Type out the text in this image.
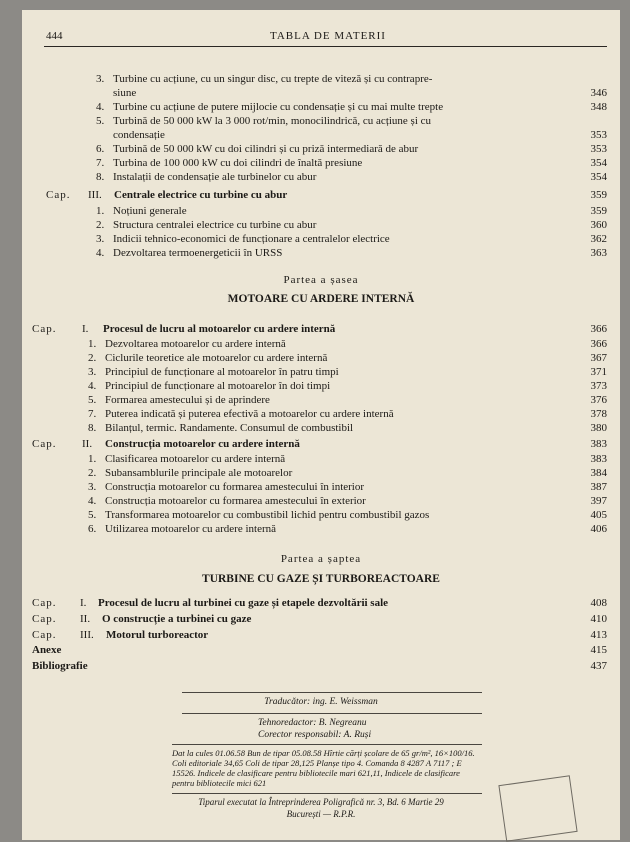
444	TABLA DE MATERII
3. Turbine cu acțiune, cu un singur disc, cu trepte de viteză și cu contrapre-
siune	346
4. Turbine cu acțiune de putere mijlocie cu condensație și cu mai multe trepte	348
5. Turbină de 50 000 kW la 3 000 rot/min, monocilindrică, cu acțiune și cu
condensație	353
6. Turbină de 50 000 kW cu doi cilindri și cu priză intermediară de abur	353
7. Turbina de 100 000 kW cu doi cilindri de înaltă presiune	354
8. Instalații de condensație ale turbinelor cu abur	354
Cap. III. Centrale electrice cu turbine cu abur	359
1. Noțiuni generale	359
2. Structura centralei electrice cu turbine cu abur	360
3. Indicii tehnico-economici de funcționare a centralelor electrice	362
4. Dezvoltarea termoenergeticii în URSS	363
Partea a șasea
MOTOARE CU ARDERE INTERNĂ
Cap. I. Procesul de lucru al motoarelor cu ardere internă	366
1. Dezvoltarea motoarelor cu ardere internă	366
2. Ciclurile teoretice ale motoarelor cu ardere internă	367
3. Principiul de funcționare al motoarelor în patru timpi	371
4. Principiul de funcționare al motoarelor în doi timpi	373
5. Formarea amestecului și de aprindere	376
7. Puterea indicată și puterea efectivă a motoarelor cu ardere internă	378
8. Bilanțul, termic. Randamente. Consumul de combustibil	380
Cap. II. Construcția motoarelor cu ardere internă	383
1. Clasificarea motoarelor cu ardere internă	383
2. Subansamblurile principale ale motoarelor	384
3. Construcția motoarelor cu formarea amestecului în interior	387
4. Construcția motoarelor cu formarea amestecului în exterior	397
5. Transformarea motoarelor cu combustibil lichid pentru combustibil gazos	405
6. Utilizarea motoarelor cu ardere internă	406
Partea a șaptea
TURBINE CU GAZE ȘI TURBOREACTOARE
Cap. I. Procesul de lucru al turbinei cu gaze și etapele dezvoltării sale	408
Cap. II. O construcție a turbinei cu gaze	410
Cap. III. Motorul turboreactor	413
Anexe	415
Bibliografie	437
Traducător: ing. E. Weissman
Tehnoredactor: B. Negreanu
Corector responsabil: A. Ruși
Dat la cules 01.06.58 Bun de tipar 05.08.58 Hîrtie cărți școlare de 65 gr/m², 16×100/16. Coli editoriale 34,65 Coli de tipar 28,125 Planșe tipo 4. Comanda 8 4287 A 7117 ; E 15526. Indicele de clasificare pentru bibliotecile mari 621,11, Indicele de clasificare pentru bibliotecile mici 621
Tiparul executat la Întreprinderea Poligrafică nr. 3, Bd. 6 Martie 29
București — R.P.R.
